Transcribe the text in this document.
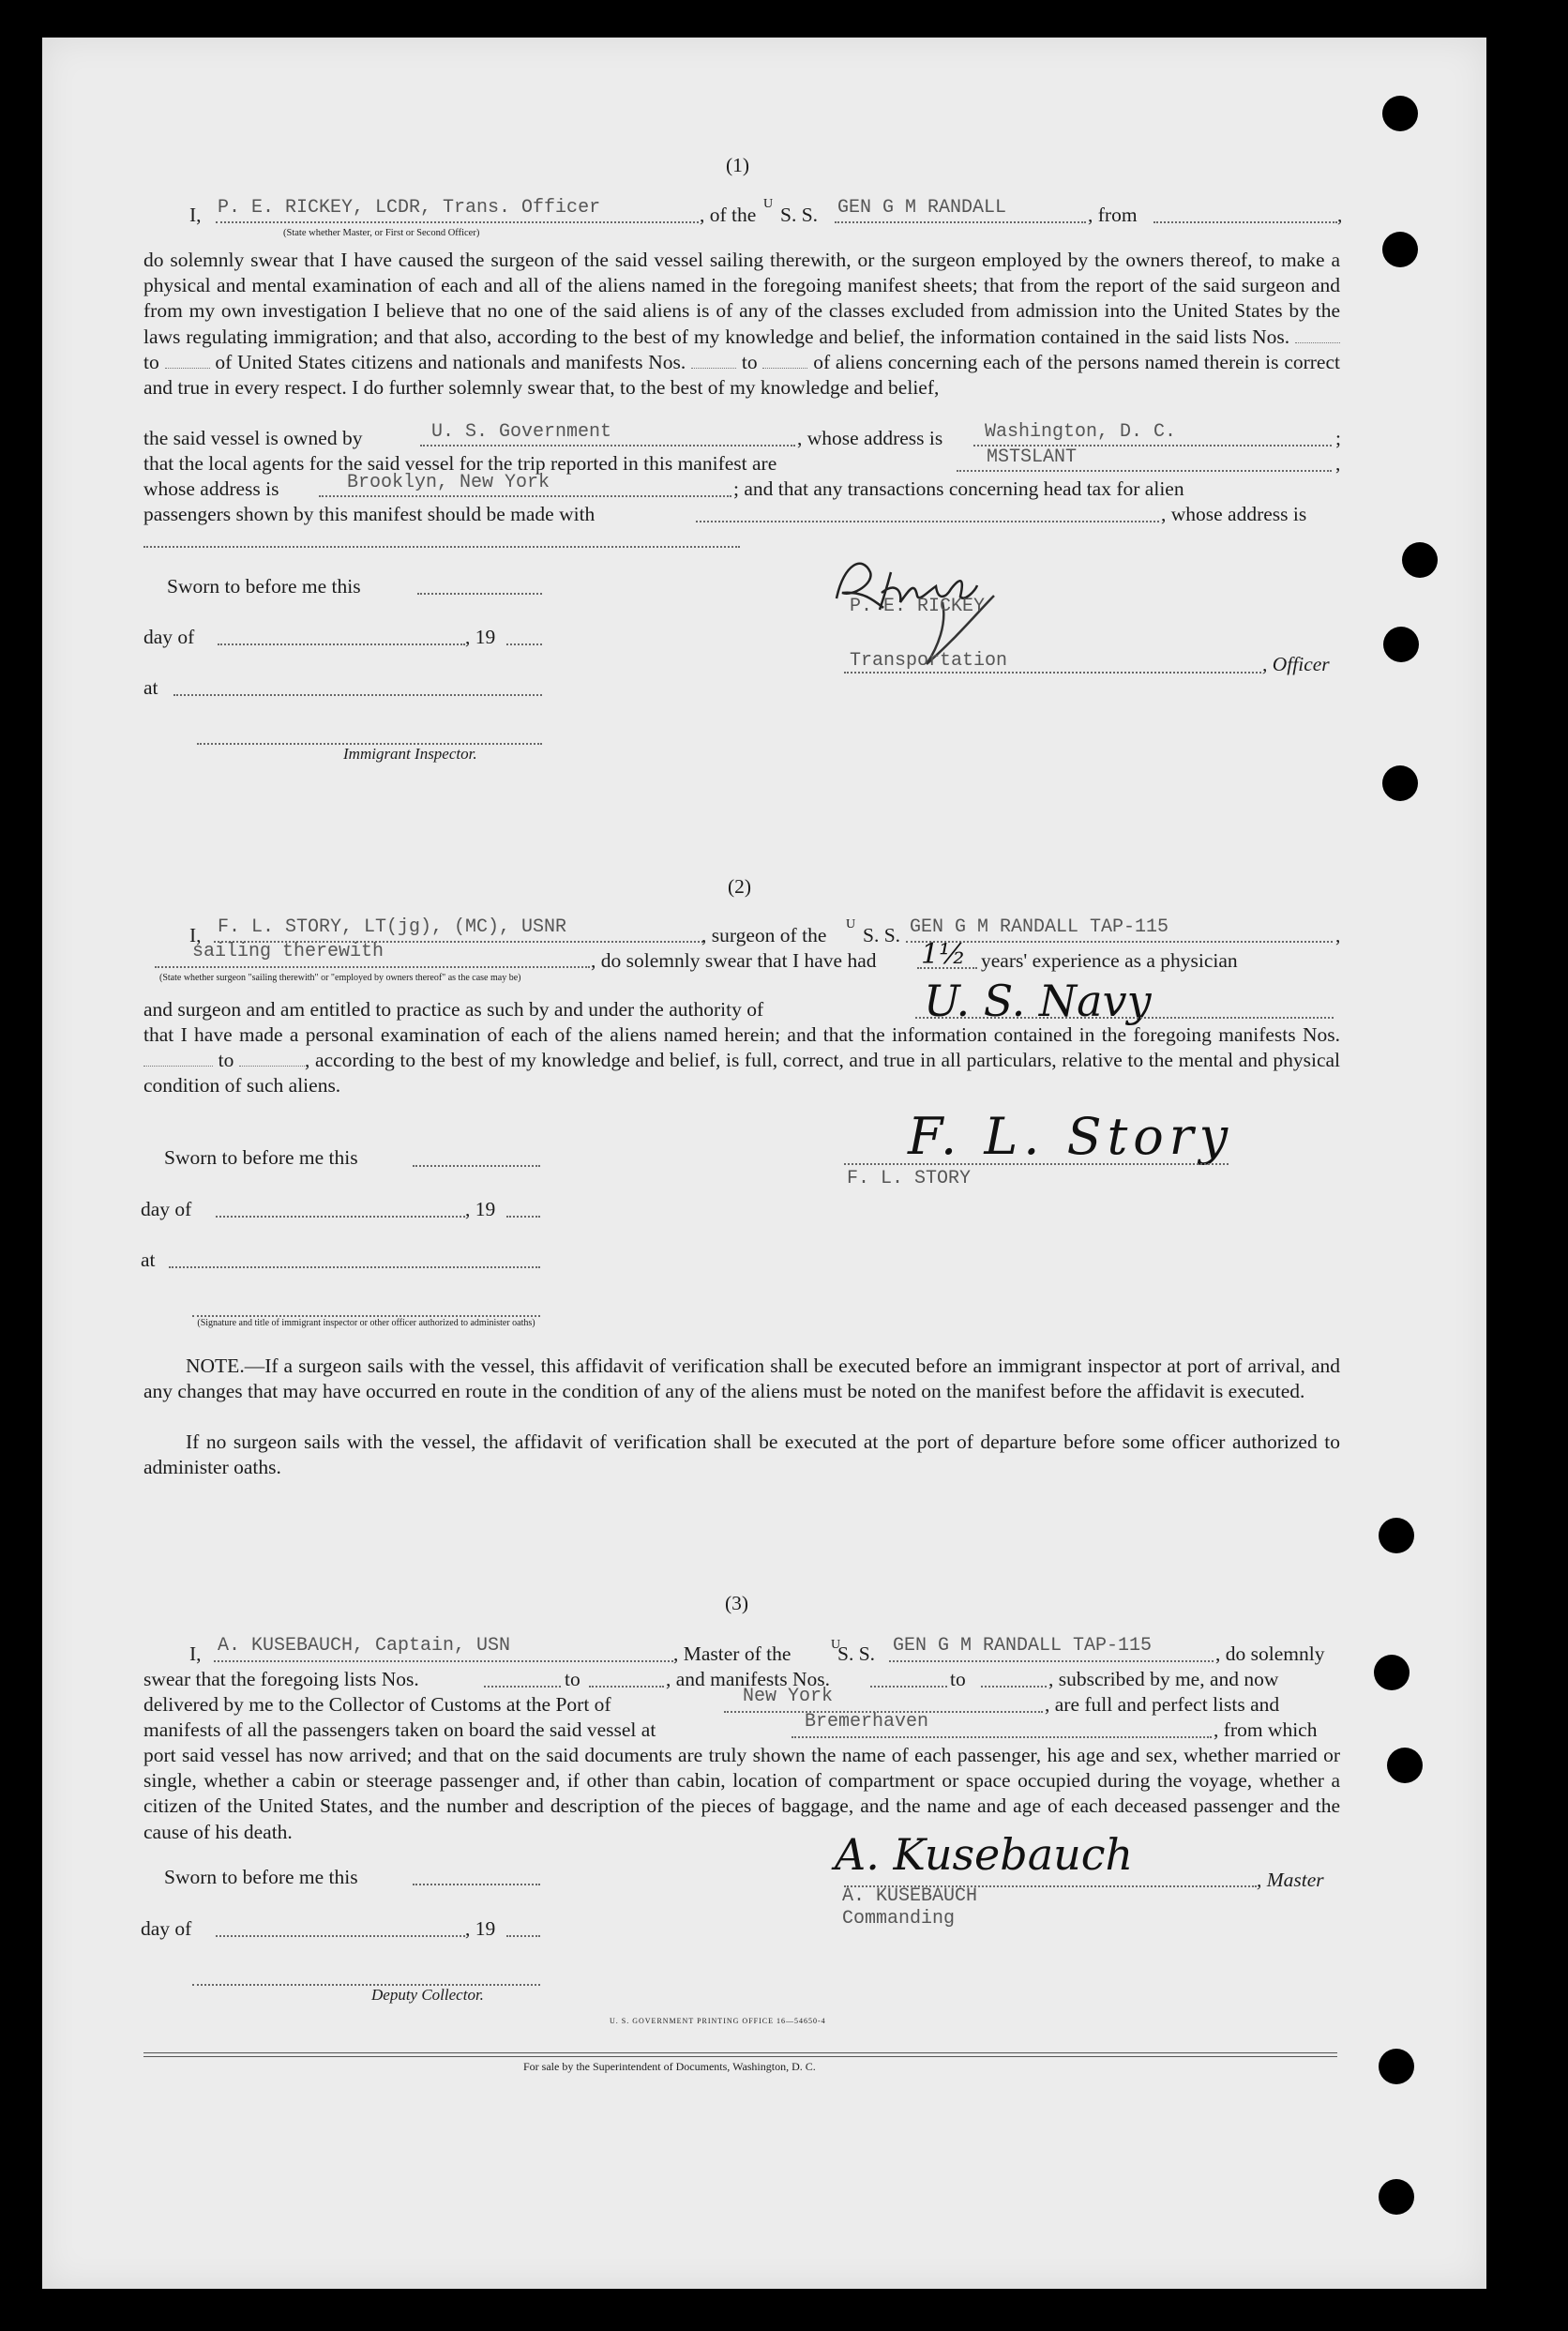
(1)
I, P. E. RICKEY, LCDR, Trans. Officer	, of the U S. S. GEN G M RANDALL	, from	,
(State whether Master, or First or Second Officer)
do solemnly swear that I have caused the surgeon of the said vessel sailing therewith, or the surgeon employed by the owners thereof, to make a physical and mental examination of each and all of the aliens named in the foregoing manifest sheets; that from the report of the said surgeon and from my own investigation I believe that no one of the said aliens is of any of the classes excluded from admission into the United States by the laws regulating immigration; and that also, according to the best of my knowledge and belief, the information contained in the said lists Nos.  to	of United States citizens and nationals and manifests Nos.	to	of aliens concerning each of the persons named therein is correct and true in every respect. I do further solemnly swear that, to the best of my knowledge and belief,
the said vessel is owned by	U. S. Government	, whose address is Washington, D. C.	;
that the local agents for the said vessel for the trip reported in this manifest are	MSTSLANT	,
whose address is	Brooklyn, New York	; and that any transactions concerning head tax for alien
passengers shown by this manifest should be made with	, whose address is
Sworn to before me this
day of	, 19
at
Immigrant Inspector.
P. E. RICKEY
Transportation	, Officer
(2)
I, F. L. STORY, LT(jg), (MC), USNR	, surgeon of the U S. S. GEN G M RANDALL TAP-115	,
sailing therewith	, do solemnly swear that I have had 1½ years' experience as a physician
(State whether surgeon "sailing therewith" or "employed by owners thereof" as the case may be)
and surgeon and am entitled to practice as such by and under the authority of	U. S. Navy
that I have made a personal examination of each of the aliens named herein; and that the information contained in the foregoing manifests Nos.  to	, according to the best of my knowledge and belief, is full, correct, and true in all particulars, relative to the mental and physical condition of such aliens.
Sworn to before me this
day of	, 19
at
(Signature and title of immigrant inspector or other officer authorized to administer oaths)
F. L. Story
F. L. STORY
NOTE.—If a surgeon sails with the vessel, this affidavit of verification shall be executed before an immigrant inspector at port of arrival, and any changes that may have occurred en route in the condition of any of the aliens must be noted on the manifest before the affidavit is executed.
If no surgeon sails with the vessel, the affidavit of verification shall be executed at the port of departure before some officer authorized to administer oaths.
(3)
I, A. KUSEBAUCH, Captain, USN	, Master of the	U
S. S. GEN G M RANDALL TAP-115	, do solemnly
swear that the foregoing lists Nos.	to	, and manifests Nos.	to	, subscribed by me, and now
delivered by me to the Collector of Customs at the Port of	New York	, are full and perfect lists and
manifests of all the passengers taken on board the said vessel at	Bremerhaven	, from which
port said vessel has now arrived; and that on the said documents are truly shown the name of each passenger, his age and sex, whether married or single, whether a cabin or steerage passenger and, if other than cabin, location of compartment or space occupied during the voyage, whether a citizen of the United States, and the number and description of the pieces of baggage, and the name and age of each deceased passenger and the cause of his death.
Sworn to before me this
day of	, 19
Deputy Collector.
A. Kusebauch	, Master
A. KUSEBAUCH
Commanding
U. S. GOVERNMENT PRINTING OFFICE 16—54650-4
For sale by the Superintendent of Documents, Washington, D. C.
